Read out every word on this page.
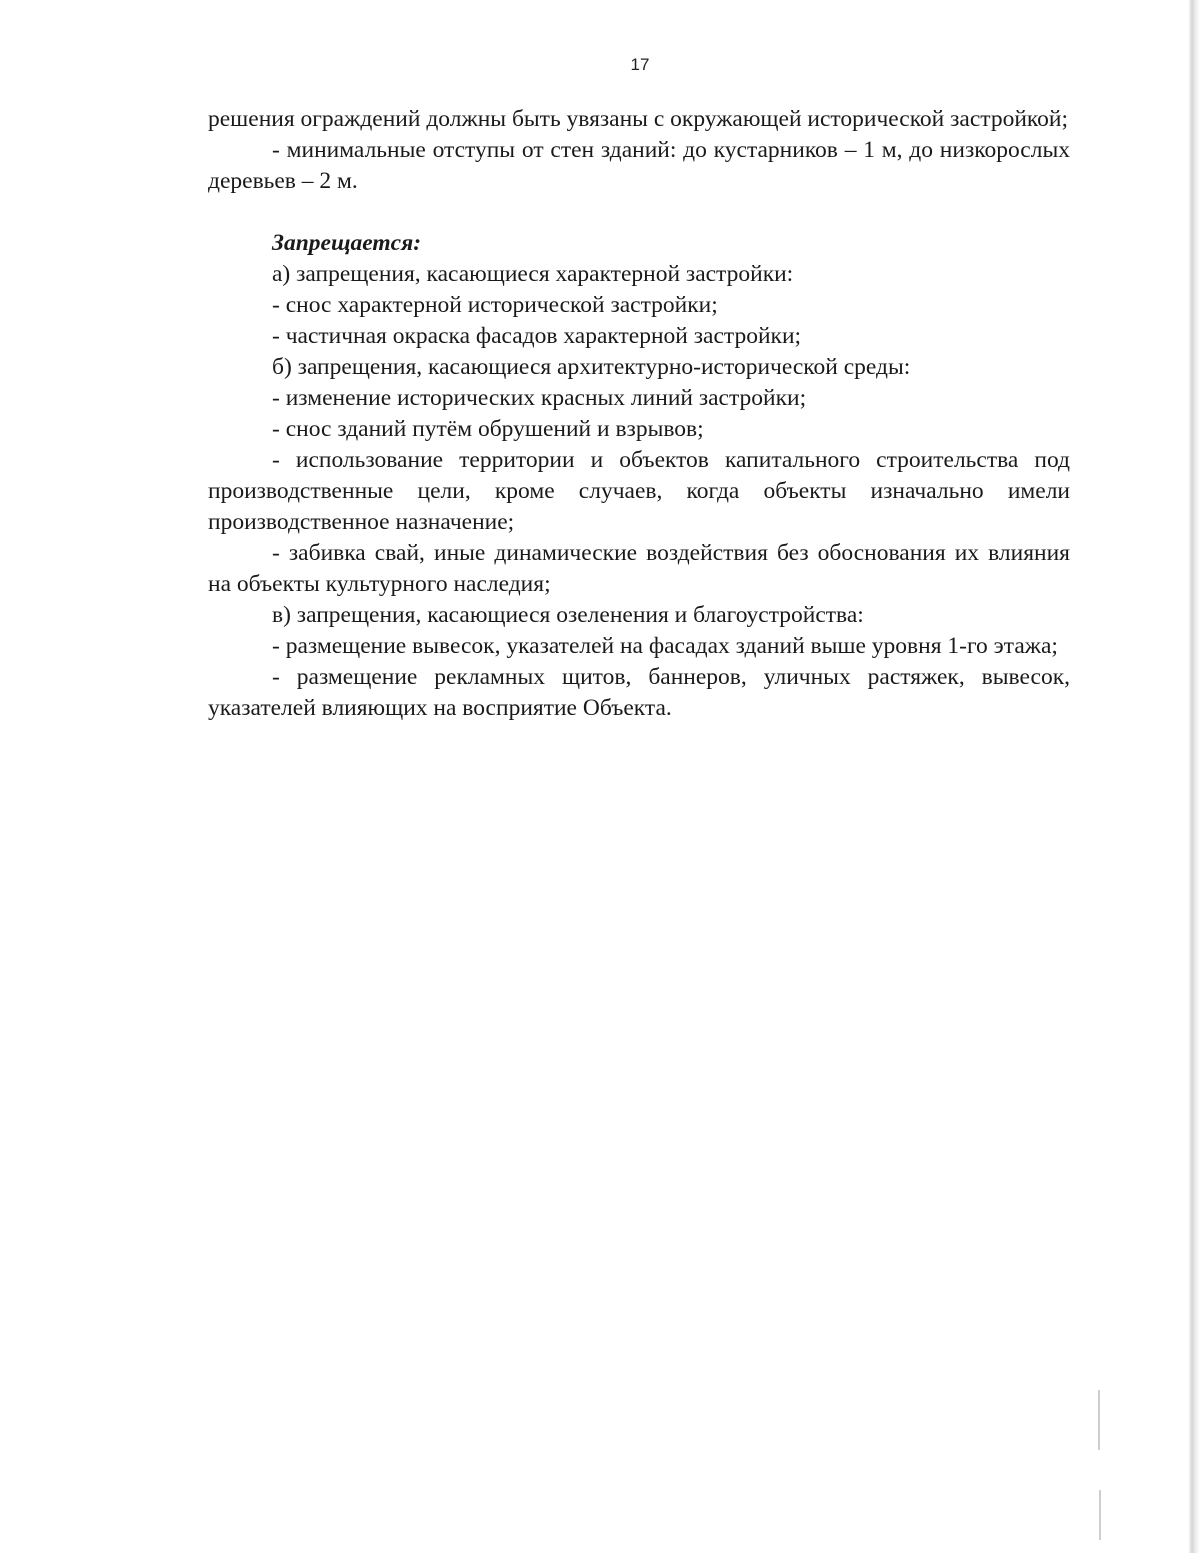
17

решения ограждений должны быть увязаны с окружающей исторической застройкой;

- минимальные отступы от стен зданий: до кустарников – 1 м, до низкорослых деревьев – 2 м.

Запрещается:

а) запрещения, касающиеся характерной застройки:

- снос характерной исторической застройки;

- частичная окраска фасадов характерной застройки;

б) запрещения, касающиеся архитектурно-исторической среды:

- изменение исторических красных линий застройки;

- снос зданий путём обрушений и взрывов;

- использование территории и объектов капитального строительства под производственные цели, кроме случаев, когда объекты изначально имели производственное назначение;

- забивка свай, иные динамические воздействия без обоснования их влияния на объекты культурного наследия;

в) запрещения, касающиеся озеленения и благоустройства:

- размещение вывесок, указателей на фасадах зданий выше уровня 1-го этажа;

- размещение рекламных щитов, баннеров, уличных растяжек, вывесок, указателей влияющих на восприятие Объекта.
